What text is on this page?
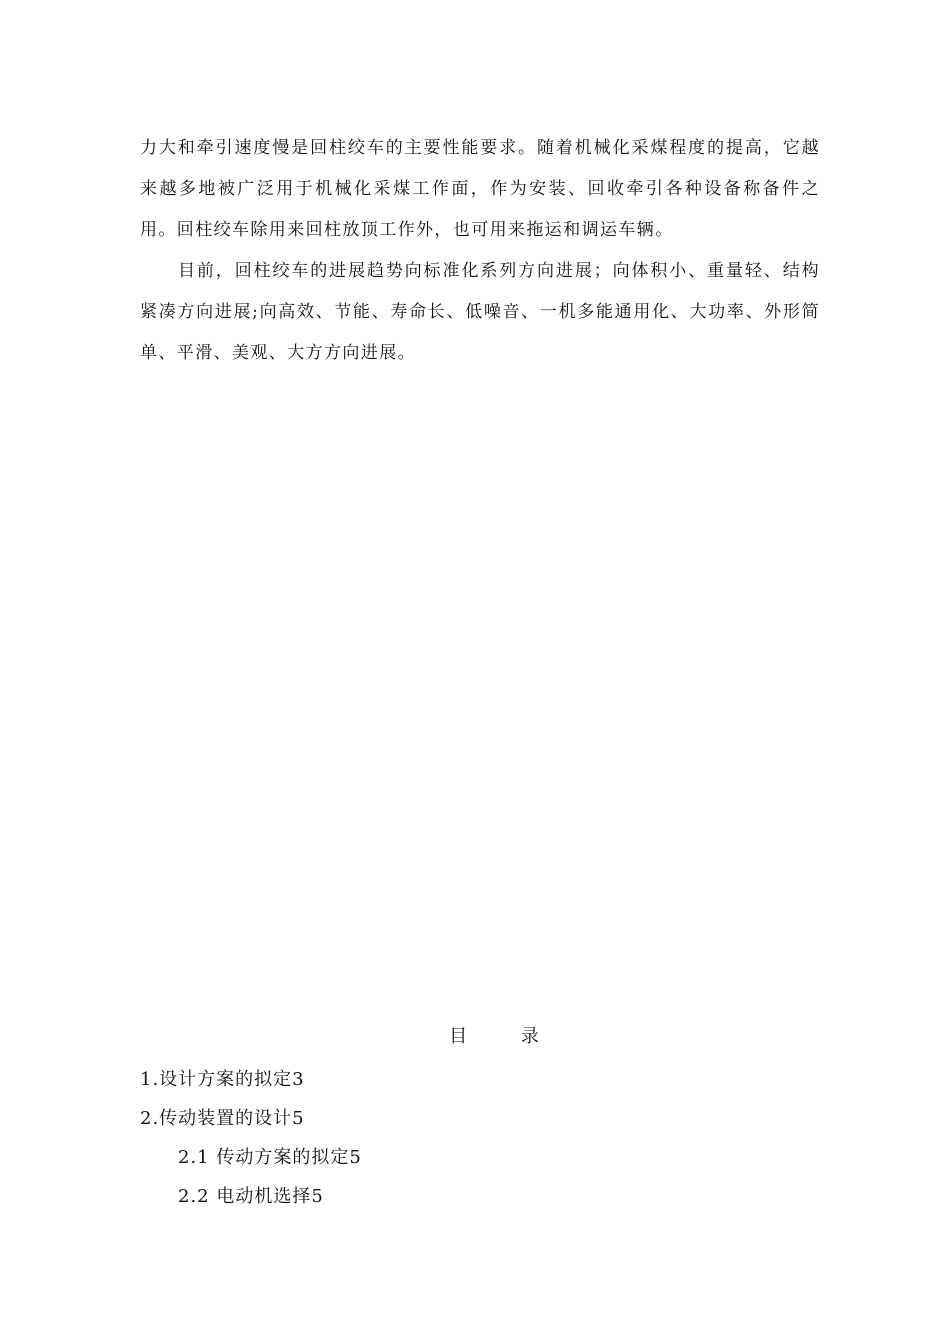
力大和牵引速度慢是回柱绞车的主要性能要求。随着机械化采煤程度的提高，它越来越多地被广泛用于机械化采煤工作面，作为安装、回收牵引各种设备称备件之用。回柱绞车除用来回柱放顶工作外，也可用来拖运和调运车辆。

目前，回柱绞车的进展趋势向标准化系列方向进展；向体积小、重量轻、结构紧凑方向进展;向高效、节能、寿命长、低噪音、一机多能通用化、大功率、外形简单、平滑、美观、大方方向进展。

目 录

1.设计方案的拟定3

2.传动装置的设计5

2.1 传动方案的拟定5

2.2 电动机选择5
